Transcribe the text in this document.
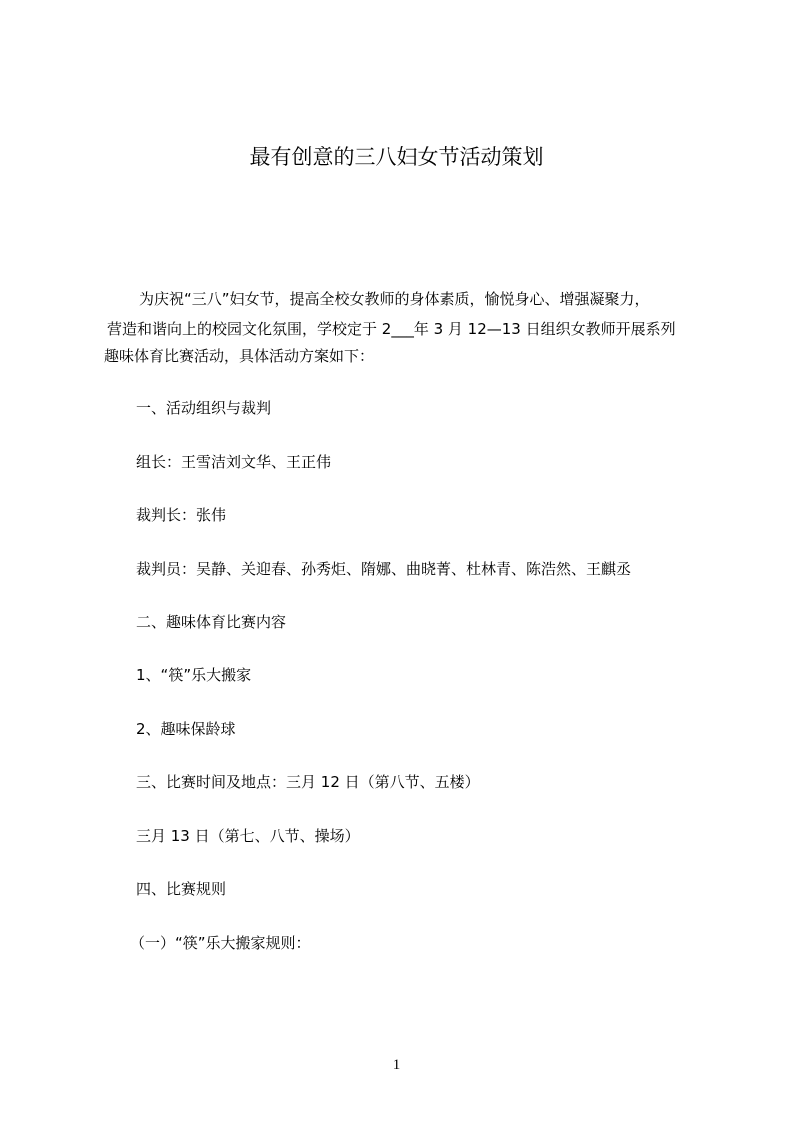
最有创意的三八妇女节活动策划
为庆祝“三八”妇女节，提高全校女教师的身体素质，愉悦身心、增强凝聚力，
营造和谐向上的校园文化氛围，学校定于 2___年 3 月 12—13 日组织女教师开展系列
趣味体育比赛活动，具体活动方案如下：
一、活动组织与裁判
组长：王雪洁刘文华、王正伟
裁判长：张伟
裁判员：吴静、关迎春、孙秀炬、隋娜、曲晓菁、杜林青、陈浩然、王麒丞
二、趣味体育比赛内容
1、“筷”乐大搬家
2、趣味保龄球
三、比赛时间及地点：三月 12 日（第八节、五楼）
三月 13 日（第七、八节、操场）
四、比赛规则
（一）“筷”乐大搬家规则：
1
